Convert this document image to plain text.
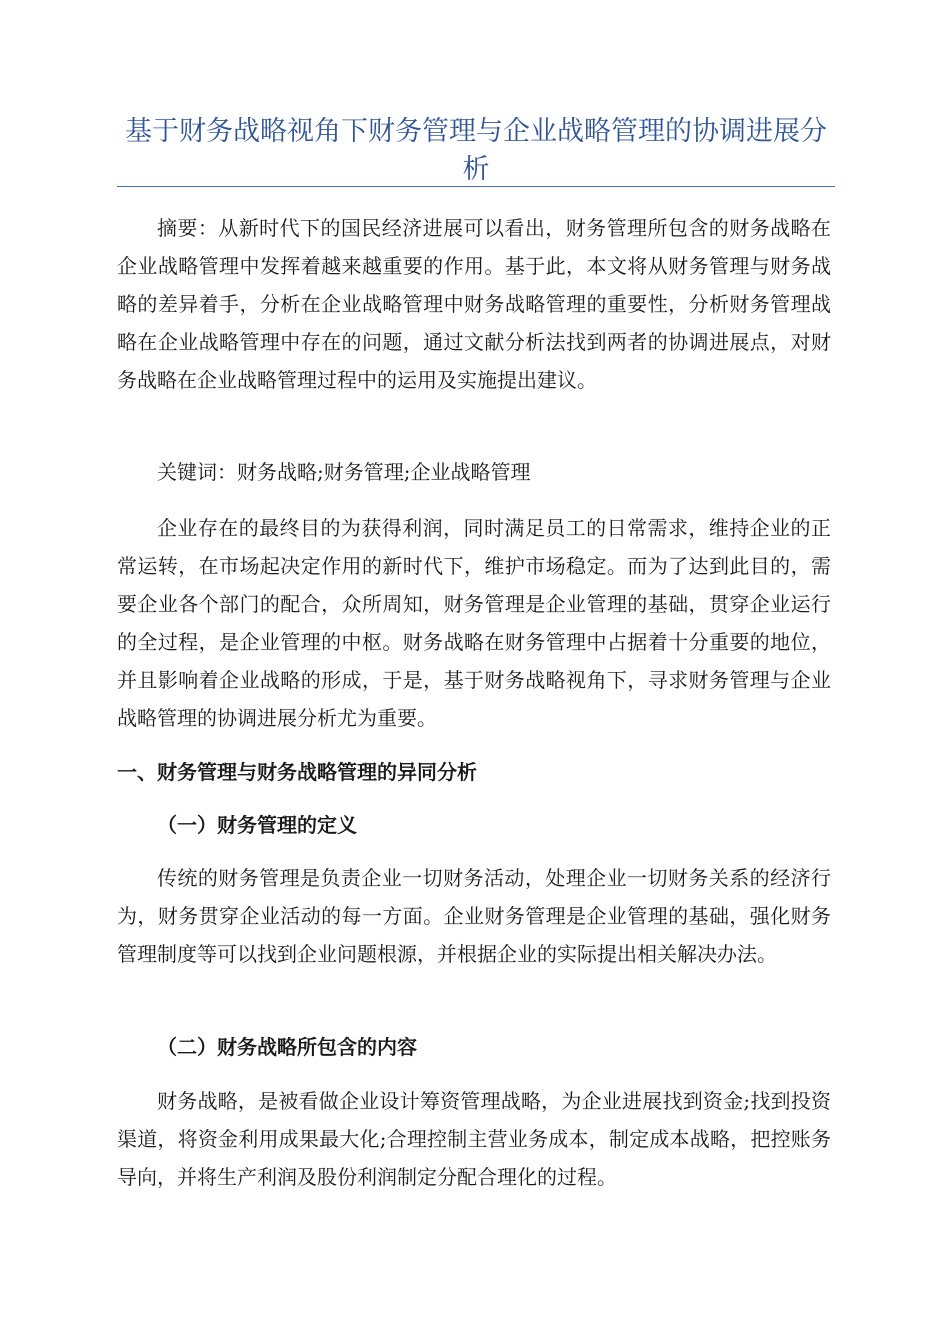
基于财务战略视角下财务管理与企业战略管理的协调进展分析

摘要：从新时代下的国民经济进展可以看出，财务管理所包含的财务战略在企业战略管理中发挥着越来越重要的作用。基于此，本文将从财务管理与财务战略的差异着手，分析在企业战略管理中财务战略管理的重要性，分析财务管理战略在企业战略管理中存在的问题，通过文献分析法找到两者的协调进展点，对财务战略在企业战略管理过程中的运用及实施提出建议。

关键词：财务战略;财务管理;企业战略管理

企业存在的最终目的为获得利润，同时满足员工的日常需求，维持企业的正常运转，在市场起决定作用的新时代下，维护市场稳定。而为了达到此目的，需要企业各个部门的配合，众所周知，财务管理是企业管理的基础，贯穿企业运行的全过程，是企业管理的中枢。财务战略在财务管理中占据着十分重要的地位，并且影响着企业战略的形成，于是，基于财务战略视角下，寻求财务管理与企业战略管理的协调进展分析尤为重要。

一、财务管理与财务战略管理的异同分析
（一）财务管理的定义

传统的财务管理是负责企业一切财务活动，处理企业一切财务关系的经济行为，财务贯穿企业活动的每一方面。企业财务管理是企业管理的基础，强化财务管理制度等可以找到企业问题根源，并根据企业的实际提出相关解决办法。

（二）财务战略所包含的内容

财务战略，是被看做企业设计筹资管理战略，为企业进展找到资金;找到投资渠道，将资金利用成果最大化;合理控制主营业务成本，制定成本战略，把控账务导向，并将生产利润及股份利润制定分配合理化的过程。
